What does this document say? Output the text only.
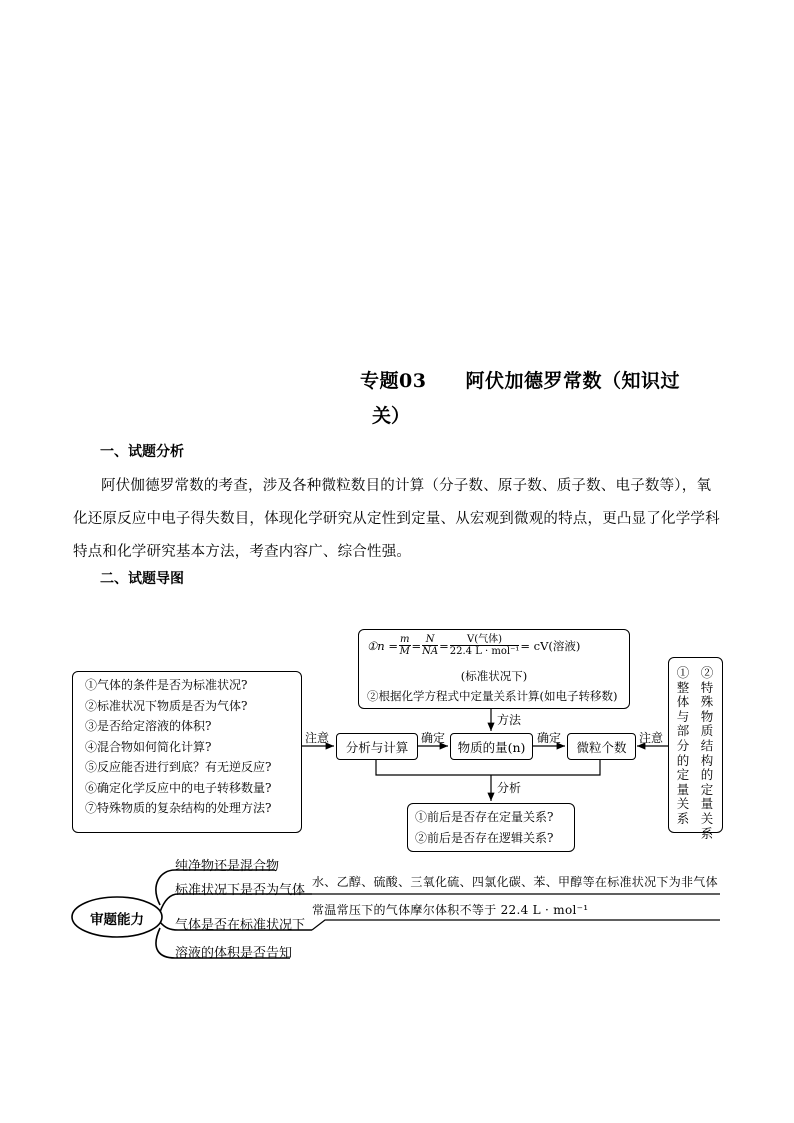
专题03　　阿伏加德罗常数（知识过
关）
一、试题分析
阿伏伽德罗常数的考查，涉及各种微粒数目的计算（分子数、原子数、质子数、电子数等），氧化还原反应中电子得失数目，体现化学研究从定性到定量、从宏观到微观的特点，更凸显了化学学科特点和化学研究基本方法，考查内容广、综合性强。
二、试题导图
①气体的条件是否为标准状况?
②标准状况下物质是否为气体?
③是否给定溶液的体积?
④混合物如何简化计算?
⑤反应能否进行到底？有无逆反应?
⑥确定化学反应中的电子转移数量?
⑦特殊物质的复杂结构的处理方法?
①n = $\frac{m}{M} = \frac{N}{NA} = \frac{\text{V(气体)}}{\text{22.4 L · mol⁻¹}} = cV$(溶液)
(标准状况下)
②根据化学方程式中定量关系计算(如电子转移数)
分析与计算	物质的量(n)	微粒个数
注意	确定	确定	注意
方法
分析
①前后是否存在定量关系?
②前后是否存在逻辑关系?
①整体与部分的定量关系
②特殊物质结构的定量关系
审题能力
纯净物还是混合物
标准状况下是否为气体
气体是否在标准状况下
溶液的体积是否告知
水、乙醇、硫酸、三氧化硫、四氯化碳、苯、甲醇等在标准状况下为非气体
常温常压下的气体摩尔体积不等于 22.4 L · mol⁻¹
